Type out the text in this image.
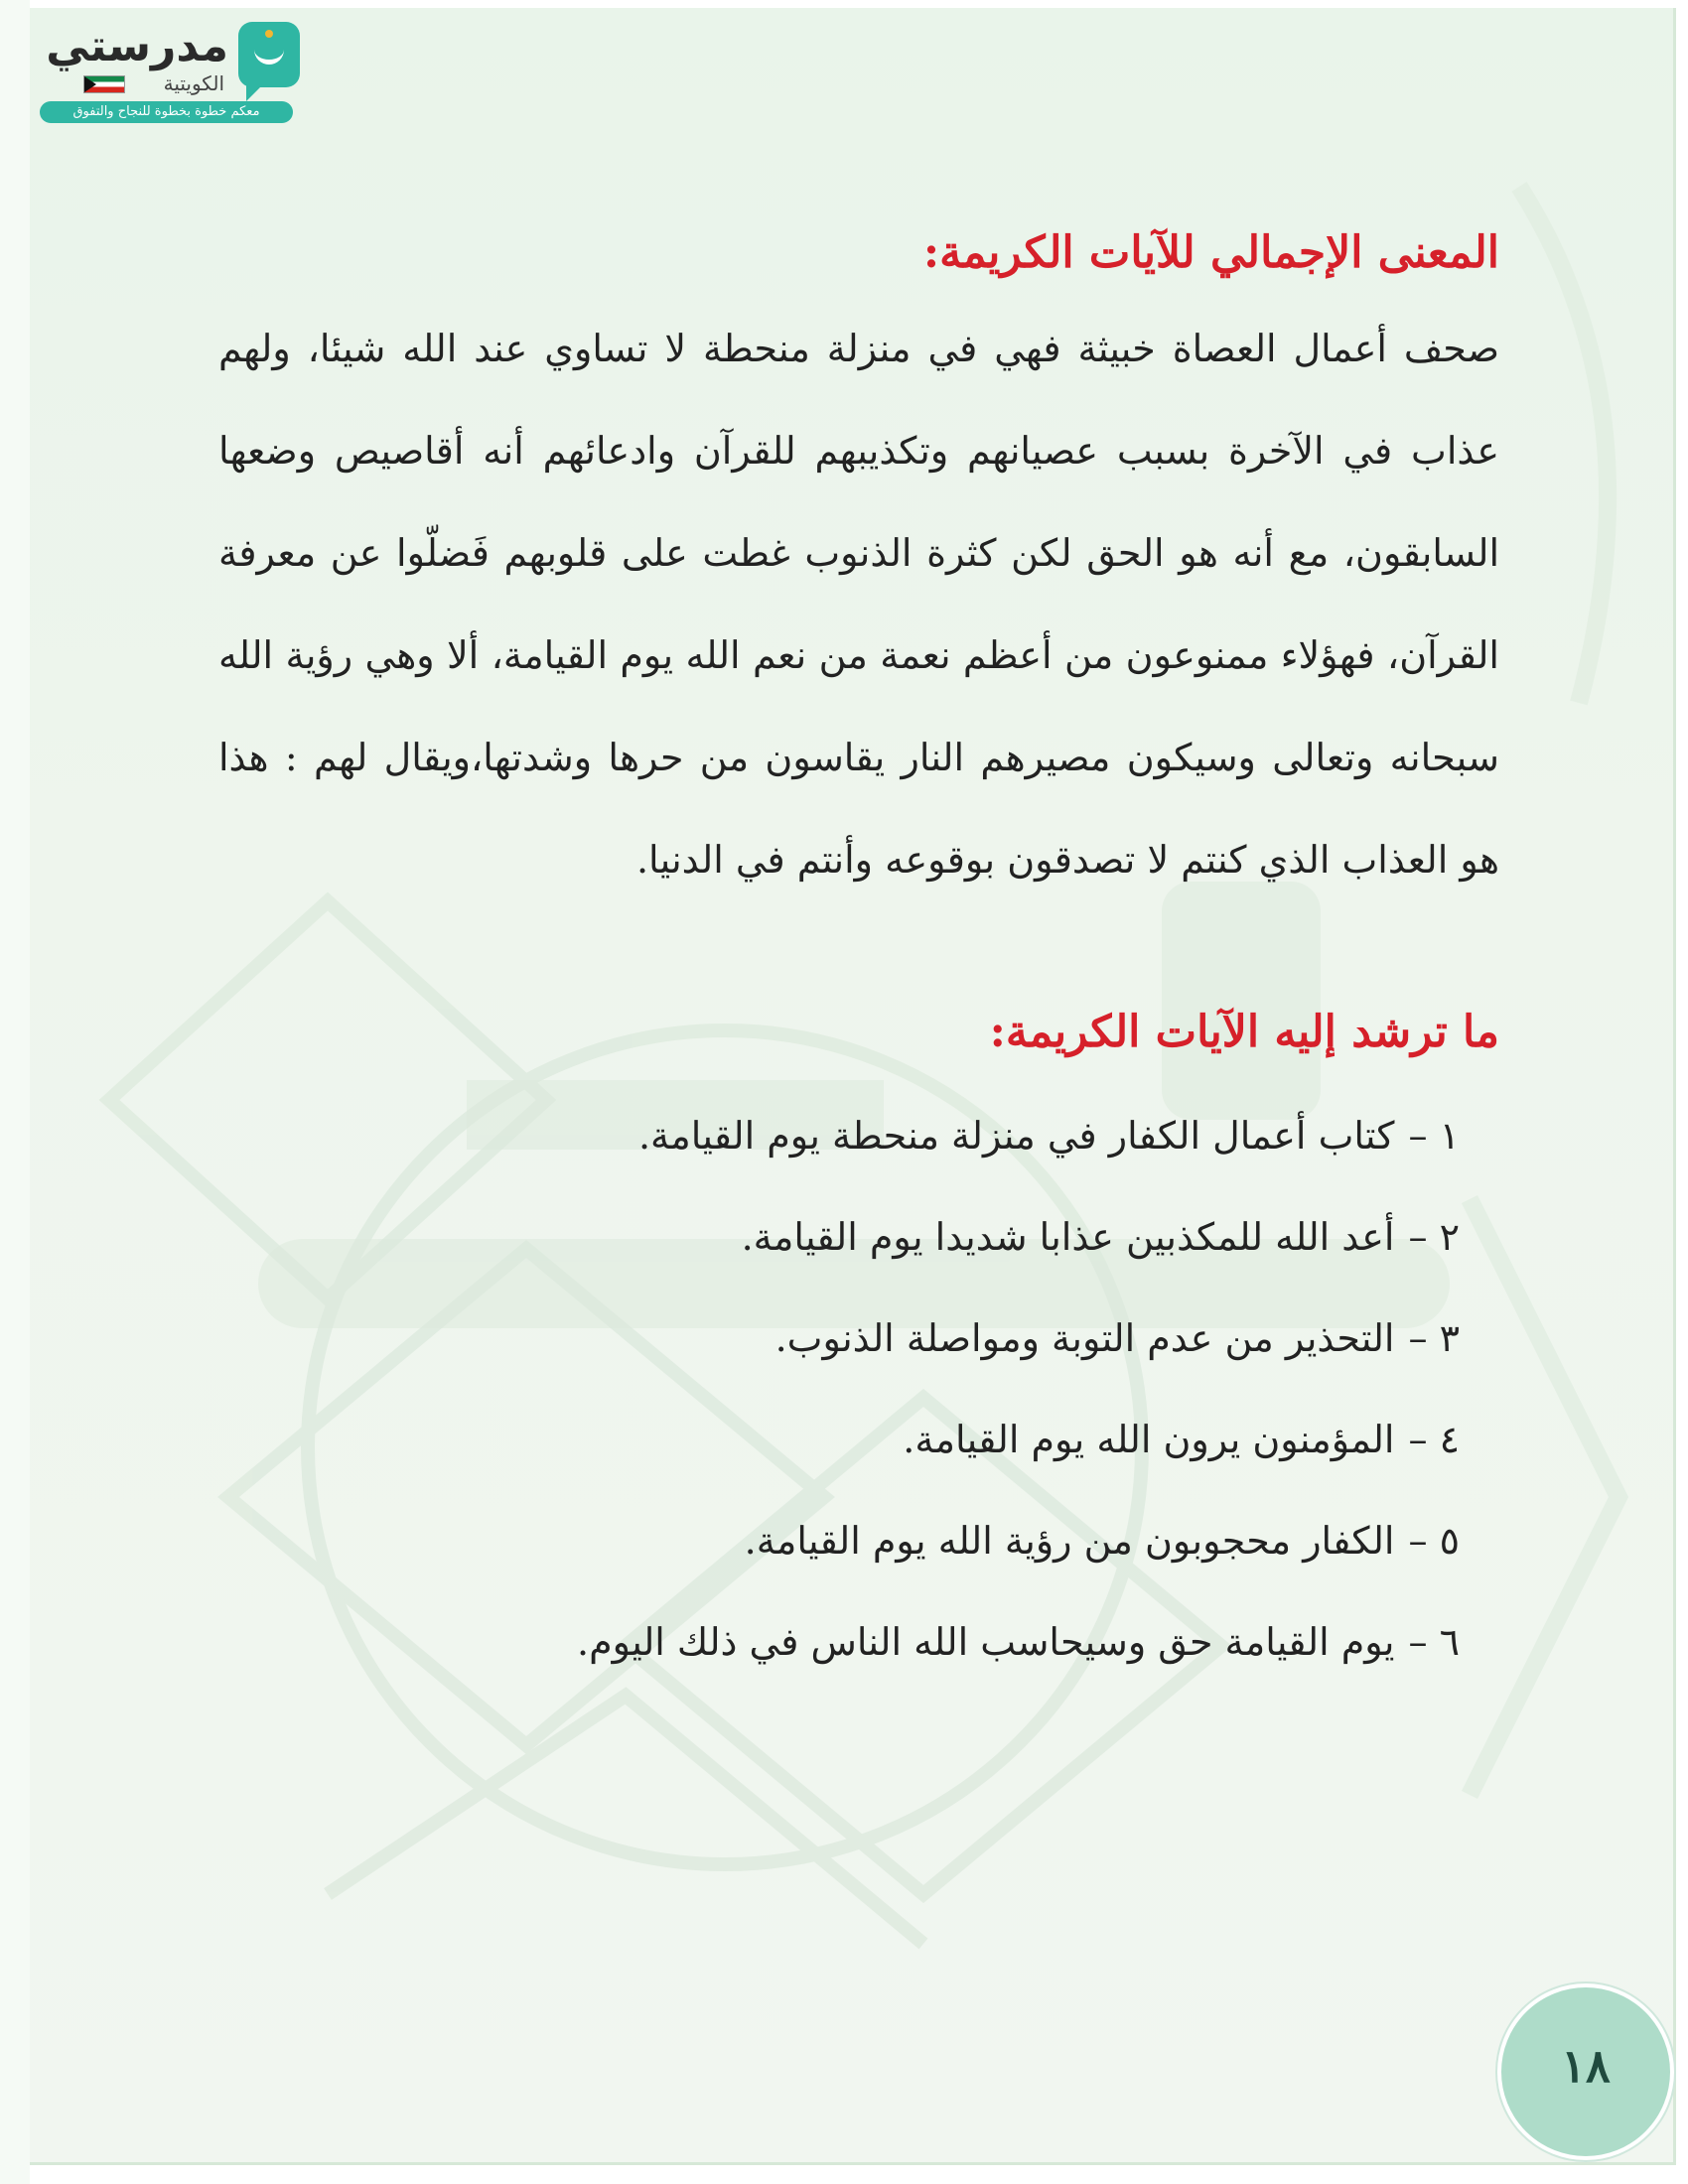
مدرستي
الكويتية
معكم خطوة بخطوة للنجاح والتفوق
المعنى الإجمالي للآيات الكريمة:

صحف أعمال العصاة خبيثة فهي في منزلة منحطة لا تساوي عند الله شيئا، ولهم عذاب في الآخرة بسبب عصيانهم وتكذيبهم للقرآن وادعائهم أنه أقاصيص وضعها السابقون، مع أنه هو الحق لكن كثرة الذنوب غطت على قلوبهم فَضلّوا عن معرفة القرآن، فهؤلاء ممنوعون من أعظم نعمة من نعم الله يوم القيامة، ألا وهي رؤية الله سبحانه وتعالى وسيكون مصيرهم النار يقاسون من حرها وشدتها،ويقال لهم : هذا هو العذاب الذي كنتم لا تصدقون بوقوعه وأنتم في الدنيا.

ما ترشد إليه الآيات الكريمة:
١ –كتاب أعمال الكفار في منزلة منحطة يوم القيامة.
٢ –أعد الله للمكذبين عذابا شديدا يوم القيامة.
٣ –التحذير من عدم التوبة ومواصلة الذنوب.
٤ –المؤمنون يرون الله يوم القيامة.
٥ –الكفار محجوبون من رؤية الله يوم القيامة.
٦ –يوم القيامة حق وسيحاسب الله الناس في ذلك اليوم.
١٨
